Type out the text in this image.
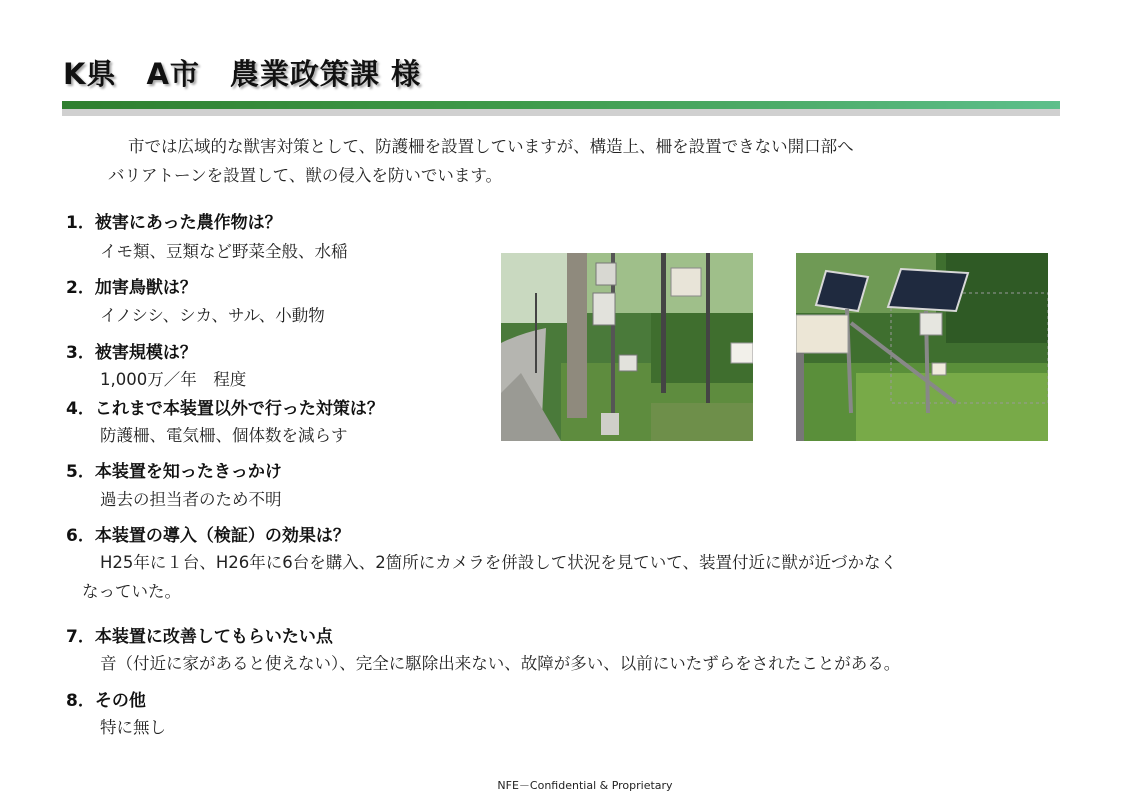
K県　A市　農業政策課 様
市では広域的な獣害対策として、防護柵を設置していますが、構造上、柵を設置できない開口部へ
バリアトーンを設置して、獣の侵入を防いでいます。
1．被害にあった農作物は？
イモ類、豆類など野菜全般、水稲
2．加害鳥獣は？
イノシシ、シカ、サル、小動物
3．被害規模は？
1,000万／年　程度
4．これまで本装置以外で行った対策は？
防護柵、電気柵、個体数を減らす
5．本装置を知ったきっかけ
過去の担当者のため不明
6．本装置の導入（検証）の効果は？
H25年に１台、H26年に6台を購入、2箇所にカメラを併設して状況を見ていて、装置付近に獣が近づかなく
なっていた。
7．本装置に改善してもらいたい点
音（付近に家があると使えない）、完全に駆除出来ない、故障が多い、以前にいたずらをされたことがある。
8．その他
特に無し
NFE－Confidential & Proprietary
